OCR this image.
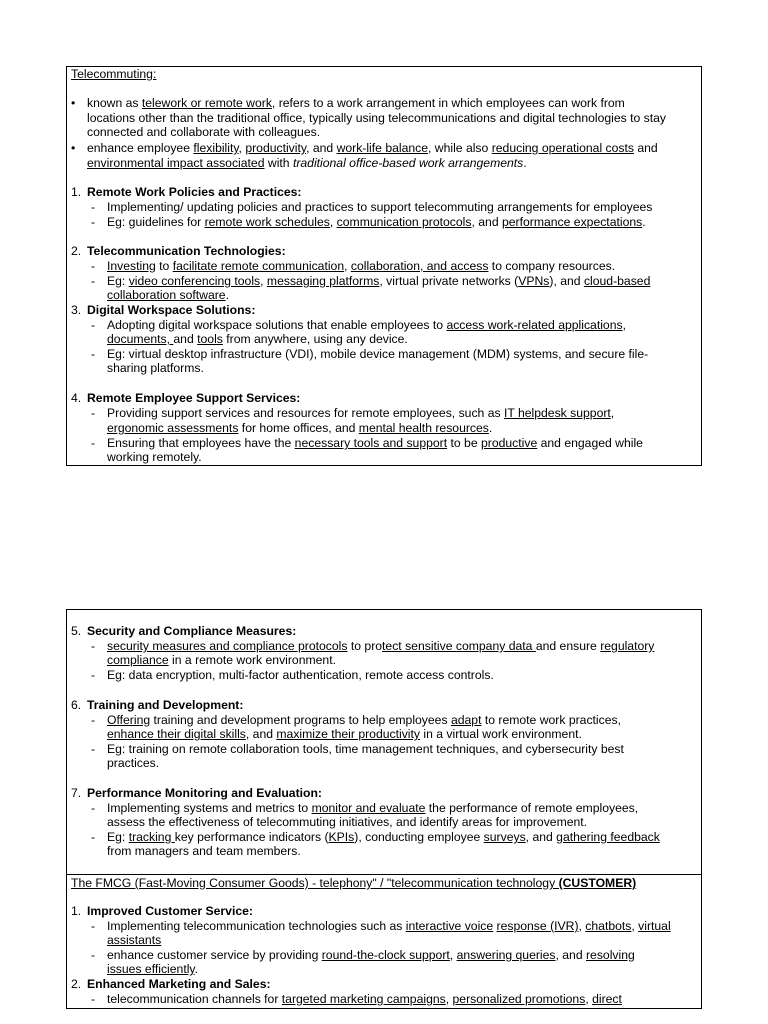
Telecommuting:
• known as telework or remote work, refers to a work arrangement in which employees can work from
locations other than the traditional office, typically using telecommunications and digital technologies to stay
connected and collaborate with colleagues.
• enhance employee flexibility, productivity, and work-life balance, while also reducing operational costs and
environmental impact associated with traditional office-based work arrangements.
1. Remote Work Policies and Practices:
- Implementing/ updating policies and practices to support telecommuting arrangements for employees
- Eg: guidelines for remote work schedules, communication protocols, and performance expectations.
2. Telecommunication Technologies:
- Investing to facilitate remote communication, collaboration, and access to company resources.
- Eg: video conferencing tools, messaging platforms, virtual private networks (VPNs), and cloud-based
collaboration software.
3. Digital Workspace Solutions:
- Adopting digital workspace solutions that enable employees to access work-related applications,
documents, and tools from anywhere, using any device.
- Eg: virtual desktop infrastructure (VDI), mobile device management (MDM) systems, and secure file-
sharing platforms.
4. Remote Employee Support Services:
- Providing support services and resources for remote employees, such as IT helpdesk support,
ergonomic assessments for home offices, and mental health resources.
- Ensuring that employees have the necessary tools and support to be productive and engaged while
working remotely.
5. Security and Compliance Measures:
- security measures and compliance protocols to protect sensitive company data and ensure regulatory
compliance in a remote work environment.
- Eg: data encryption, multi-factor authentication, remote access controls.
6. Training and Development:
- Offering training and development programs to help employees adapt to remote work practices,
enhance their digital skills, and maximize their productivity in a virtual work environment.
- Eg: training on remote collaboration tools, time management techniques, and cybersecurity best
practices.
7. Performance Monitoring and Evaluation:
- Implementing systems and metrics to monitor and evaluate the performance of remote employees,
assess the effectiveness of telecommuting initiatives, and identify areas for improvement.
- Eg: tracking key performance indicators (KPIs), conducting employee surveys, and gathering feedback
from managers and team members.
The FMCG (Fast-Moving Consumer Goods) - telephony" / "telecommunication technology (CUSTOMER)
1. Improved Customer Service:
- Implementing telecommunication technologies such as interactive voice response (IVR), chatbots, virtual
assistants
- enhance customer service by providing round-the-clock support, answering queries, and resolving
issues efficiently.
2. Enhanced Marketing and Sales:
- telecommunication channels for targeted marketing campaigns, personalized promotions, direct
